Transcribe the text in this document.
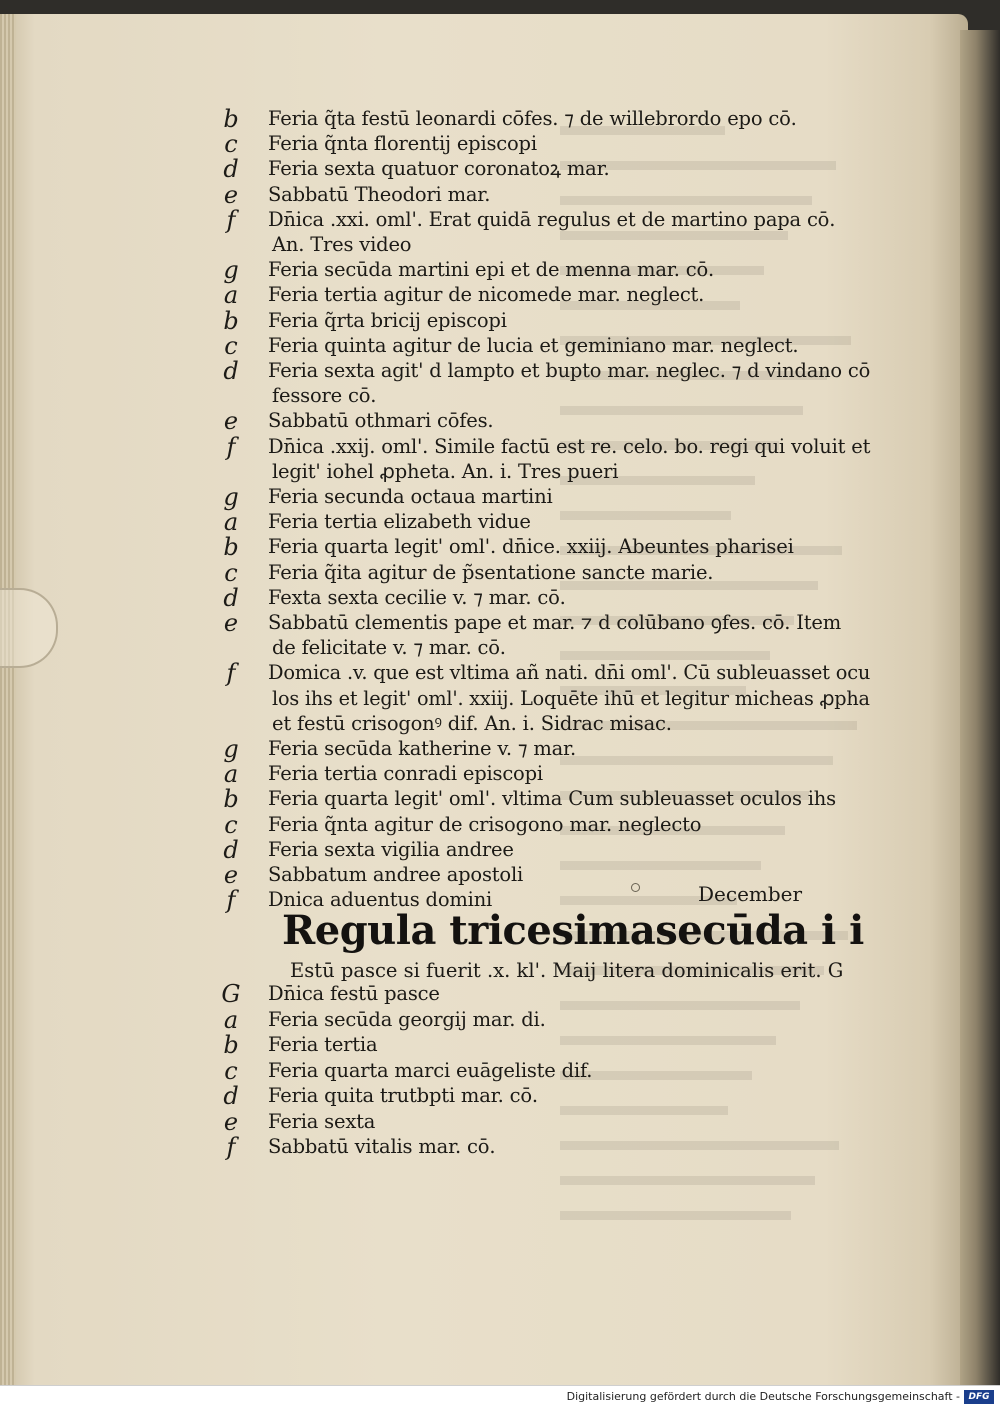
b Feria q̃ta festū leonardi cōfes. ⁊ de willebrordo epo cō.
c	Feria q̃nta florentij episcopi
d Feria sexta quatuor coronatoꝝ mar.
e	Sabbatū Theodori mar.
f	Dn̄ica .xxi. oml'. Erat quidā regulus et de martino papa cō.
An. Tres video
g Feria secūda martini epi et de menna mar. cō.
a Feria tertia agitur de nicomede mar. neglect.
b Feria q̃rta bricij episcopi
c	Feria quinta agitur de lucia et geminiano mar. neglect.
d Feria sexta agit' d lampto et bupto mar. neglec. ⁊ d vindano cō
fessore cō.
e	Sabbatū othmari cōfes.
f	Dn̄ica .xxij. oml'. Simile factū est re. celo. bo. regi qui voluit et
legit' iohel ꝓpheta. An. i. Tres pueri
g Feria secunda octaua martini
a Feria tertia elizabeth vidue
b Feria quarta legit' oml'. dn̄ice. xxiij. Abeuntes pharisei
c	Feria q̃ita agitur de p̃sentatione sancte marie.
d Fexta sexta cecilie v. ⁊ mar. cō.
e	Sabbatū clementis pape et mar. ⁊ d colūbano ꝯfes. cō. Item
de felicitate v. ⁊ mar. cō.
f	Domica .v. que est vltima añ nati. dn̄i oml'. Cū subleuasset ocu
los ihs et legit' oml'. xxiij. Loquēte ihū et legitur micheas ꝓpha
et festū crisogonꝰ dif. An. i. Sidrac misac.
g Feria secūda katherine v. ⁊ mar.
a Feria tertia conradi episcopi
b Feria quarta legit' oml'. vltima Cum subleuasset oculos ihs
c	Feria q̃nta agitur de crisogono mar. neglecto
d Feria sexta vigilia andree
e	Sabbatum andree apostoli
f	Dnica aduentus domini
G Dn̄ica festū pasce
a Feria secūda georgij mar. di.
b Feria tertia
c	Feria quarta marci euāgeliste dif.
d Feria quita trutbpti mar. cō.
e	Feria sexta
f	Sabbatū vitalis mar. cō.
December
Regula tricesimasecūda i i
Estū pasce si fuerit .x. kl'. Maij litera dominicalis erit. G
Digitalisierung gefördert durch die Deutsche Forschungsgemeinschaft - DFG
